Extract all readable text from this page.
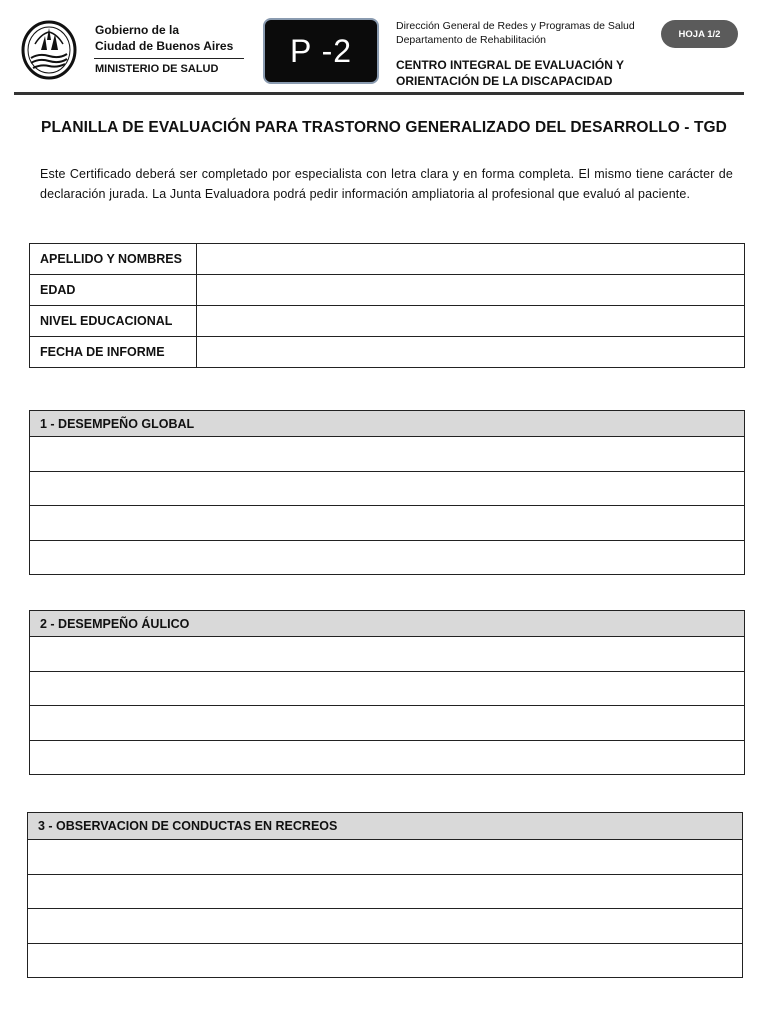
Gobierno de la
Ciudad de Buenos Aires
MINISTERIO DE SALUD
P -2
Dirección General de Redes y Programas de Salud
Departamento de Rehabilitación
CENTRO INTEGRAL DE EVALUACIÓN Y
ORIENTACIÓN DE LA DISCAPACIDAD
HOJA 1/2
PLANILLA DE EVALUACIÓN PARA TRASTORNO GENERALIZADO DEL DESARROLLO - TGD
Este Certificado deberá ser completado por especialista con letra clara y en forma completa. El mismo tiene carácter de declaración jurada. La Junta Evaluadora podrá pedir información ampliatoria al profesional que evaluó al paciente.
APELLIDO Y NOMBRES	
EDAD	
NIVEL EDUCACIONAL	
FECHA DE INFORME	
1 - DESEMPEÑO GLOBAL

2 - DESEMPEÑO ÁULICO

3 - OBSERVACION DE CONDUCTAS EN RECREOS
